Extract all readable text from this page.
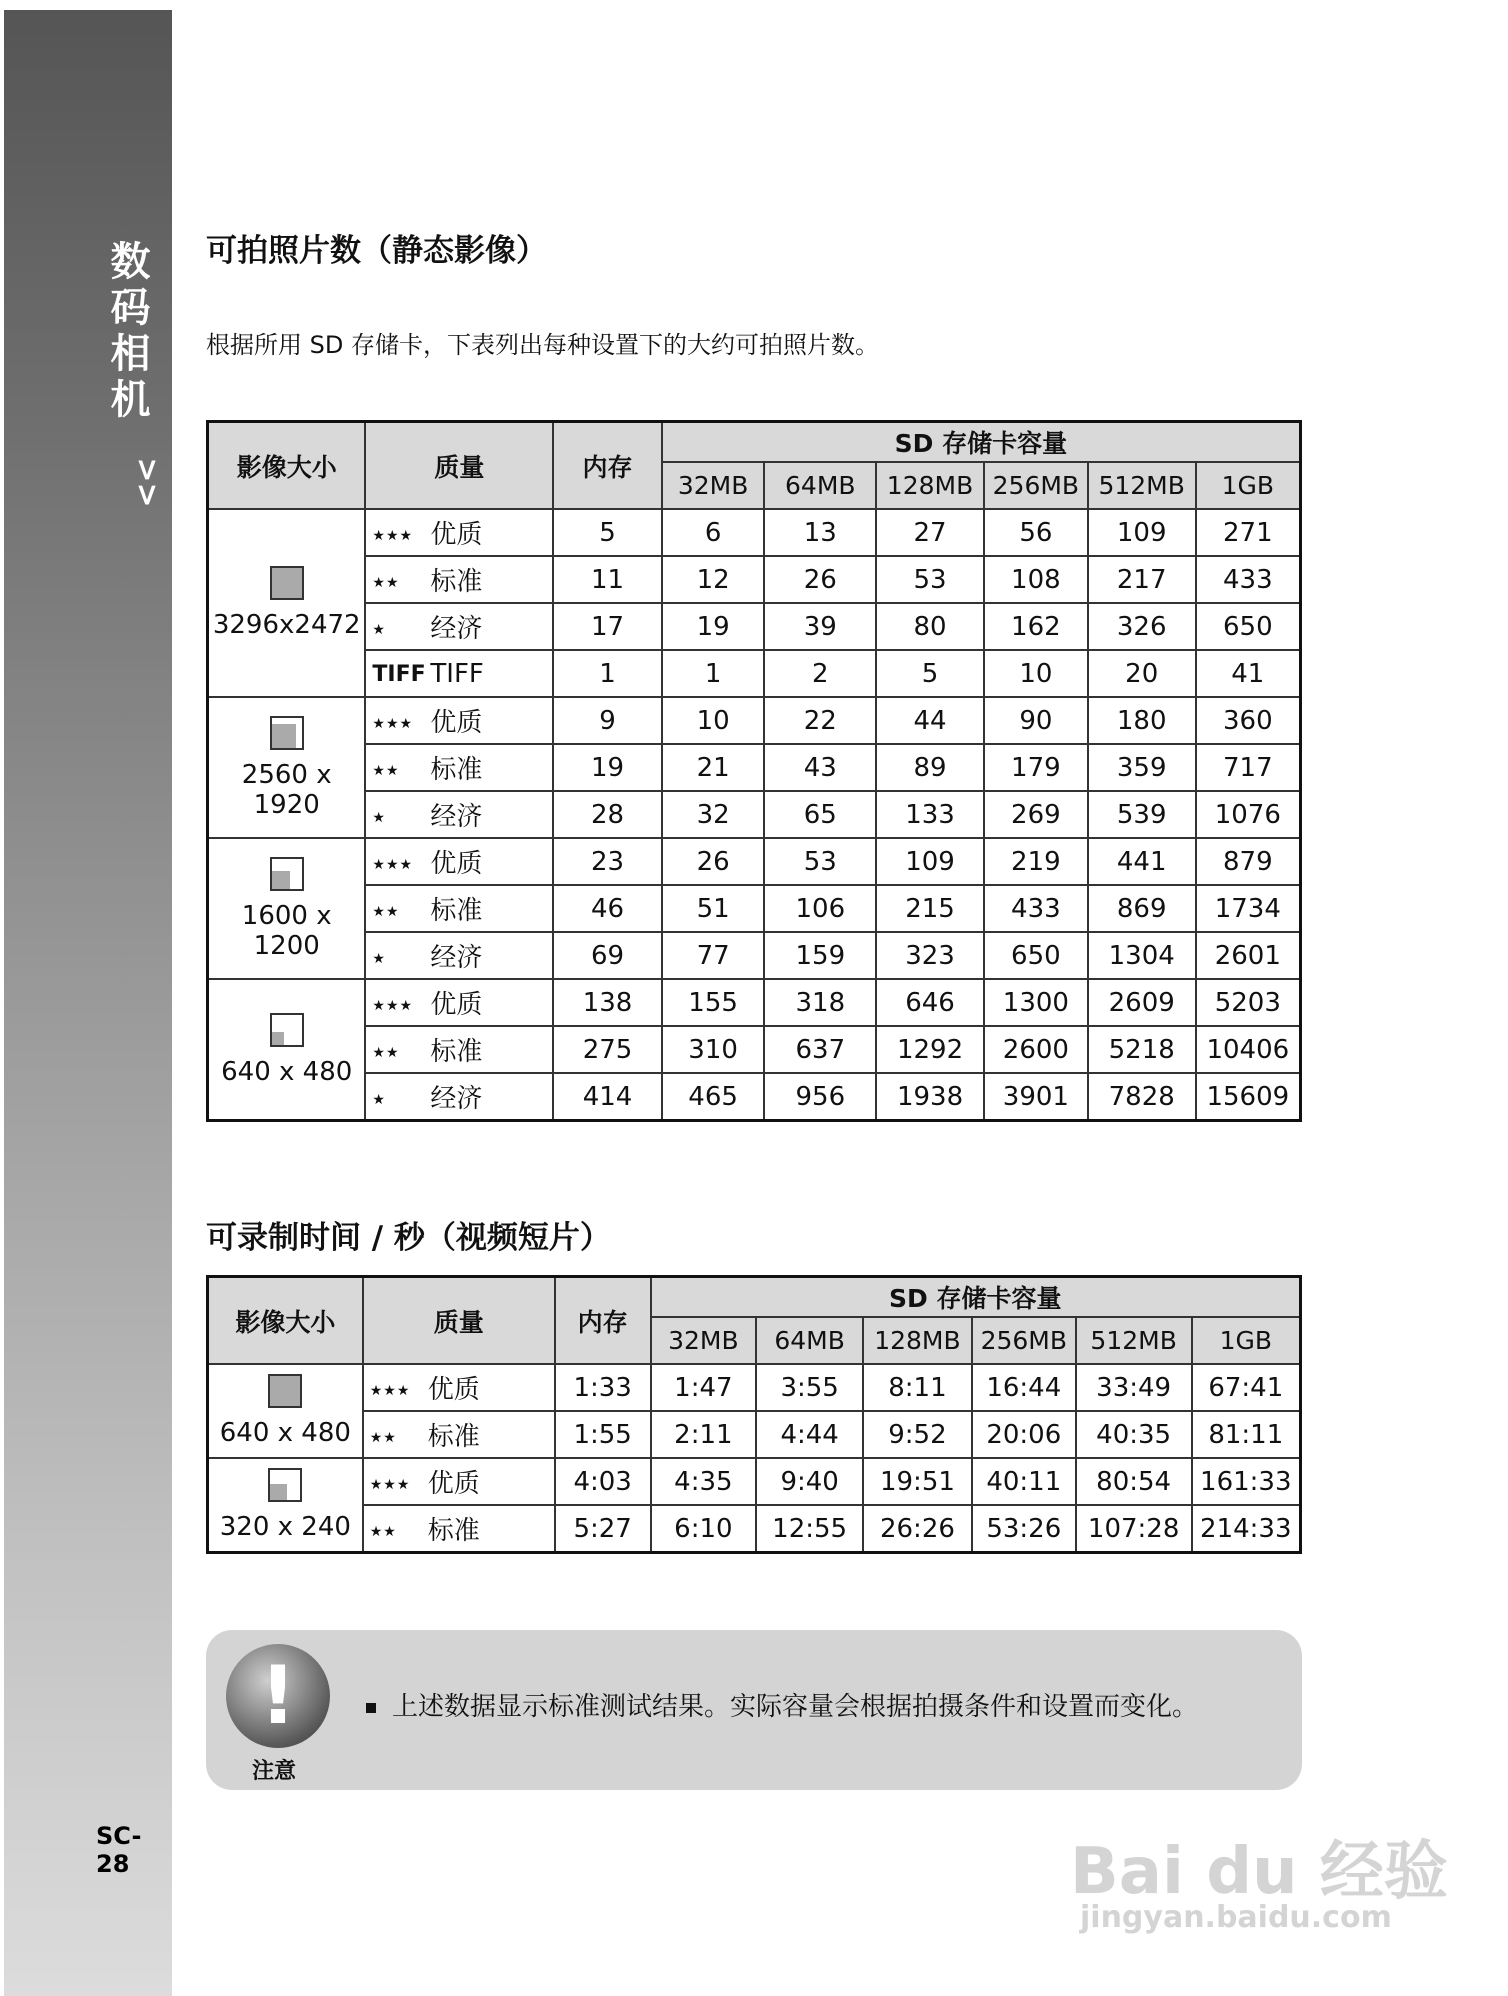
数码相机
>>
SC-28
可拍照片数（静态影像）
根据所用 SD 存储卡，下表列出每种设置下的大约可拍照片数。
影像大小	质量	内存	SD 存储卡容量					
			32MB	64MB	128MB	256MB	512MB	1GB

3296x2472	★★★ 优质	5	6	13	27	56	109	271
	★★ 标准	11	12	26	53	108	217	433
	★ 经济	17	19	39	80	162	326	650
	TIFF TIFF	1	1	2	5	10	20	41

2560 x 1920	★★★ 优质	9	10	22	44	90	180	360
	★★ 标准	19	21	43	89	179	359	717
	★ 经济	28	32	65	133	269	539	1076

1600 x 1200	★★★ 优质	23	26	53	109	219	441	879
	★★ 标准	46	51	106	215	433	869	1734
	★ 经济	69	77	159	323	650	1304	2601

640 x 480	★★★ 优质	138	155	318	646	1300	2609	5203
	★★ 标准	275	310	637	1292	2600	5218	10406
	★ 经济	414	465	956	1938	3901	7828	15609
可录制时间 / 秒（视频短片）
影像大小	质量	内存	SD 存储卡容量					
			32MB	64MB	128MB	256MB	512MB	1GB

640 x 480	★★★ 优质	1:33	1:47	3:55	8:11	16:44	33:49	67:41
	★★ 标准	1:55	2:11	4:44	9:52	20:06	40:35	81:11

320 x 240	★★★ 优质	4:03	4:35	9:40	19:51	40:11	80:54	161:33
	★★ 标准	5:27	6:10	12:55	26:26	53:26	107:28	214:33
!
注意
上述数据显示标准测试结果。实际容量会根据拍摄条件和设置而变化。
Bai du 经验
jingyan.baidu.com
